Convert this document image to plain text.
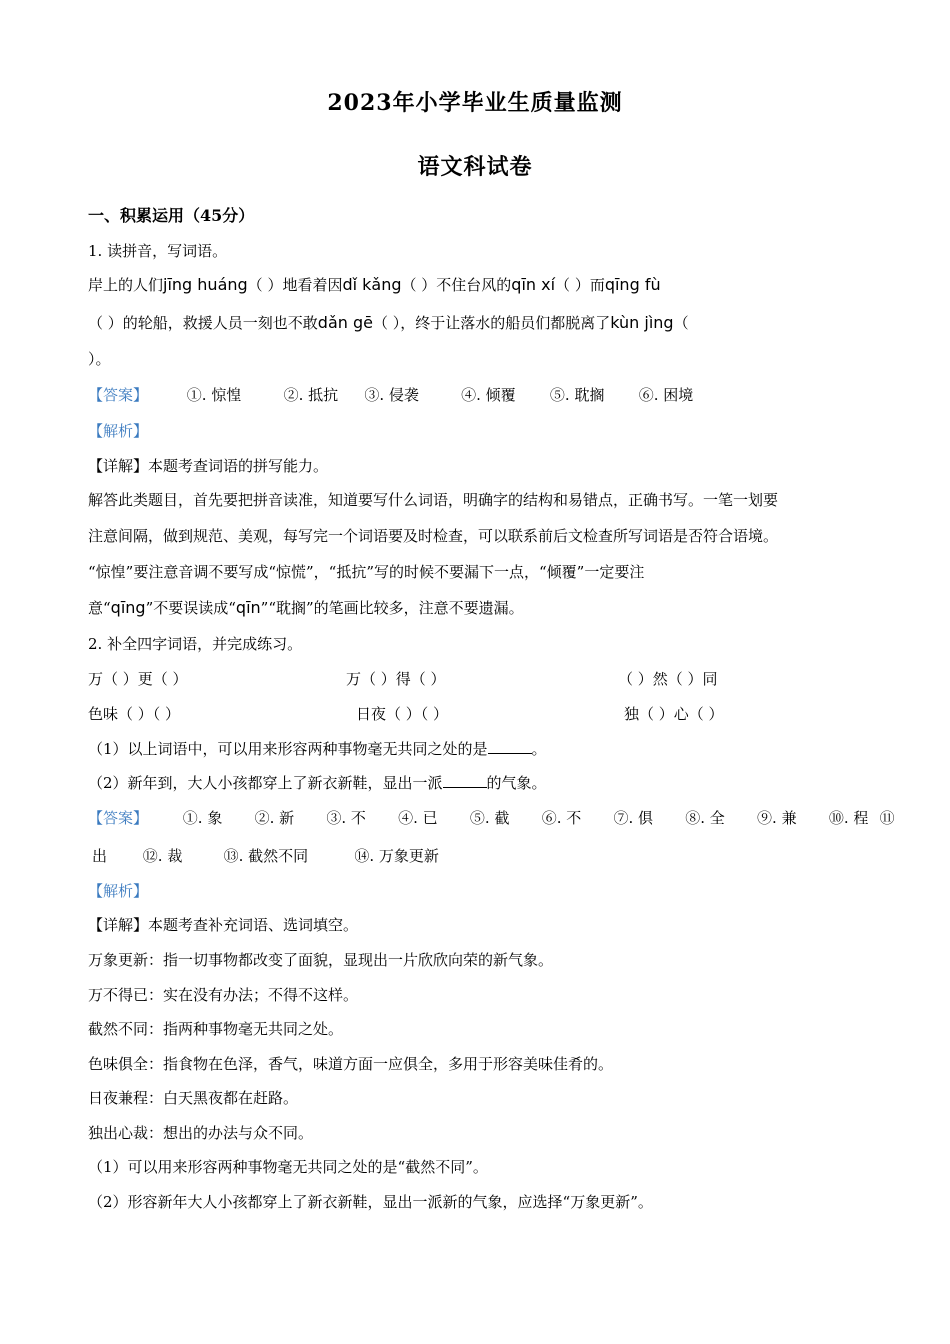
2023年小学毕业生质量监测
语文科试卷
一、积累运用（45分）
1. 读拼音，写词语。
岸上的人们jīng huáng（ ）地看着因dǐ kǎng（ ）不住台风的qīn xí（ ）而qīng fù
（ ）的轮船，救援人员一刻也不敢dǎn gē（ ），终于让落水的船员们都脱离了kùn jìng（
）。
【答案】	①. 惊惶	②. 抵抗 ③. 侵袭	④. 倾覆 ⑤. 耽搁 ⑥. 困境
【解析】
【详解】本题考查词语的拼写能力。
解答此类题目，首先要把拼音读准，知道要写什么词语，明确字的结构和易错点，正确书写。一笔一划要
注意间隔，做到规范、美观，每写完一个词语要及时检查，可以联系前后文检查所写词语是否符合语境。
“惊惶”要注意音调不要写成“惊慌”，“抵抗”写的时候不要漏下一点，“倾覆”一定要注
意“qīng”不要误读成“qīn”“耽搁”的笔画比较多，注意不要遗漏。
2. 补全四字词语，并完成练习。
万（ ）更（ ）	万（ ）得（ ）	（ ）然（ ）同
色味（ ）（ ）	日夜（ ）（ ）	独（ ）心（ ）
（1）以上词语中，可以用来形容两种事物毫无共同之处的是	。
（2）新年到，大人小孩都穿上了新衣新鞋，显出一派	的气象。
【答案】 ①. 象 ②. 新 ③. 不 ④. 已 ⑤. 截 ⑥. 不 ⑦. 俱 ⑧. 全 ⑨. 兼 ⑩. 程 ⑪
出 ⑫. 裁	⑬. 截然不同	⑭. 万象更新
【解析】
【详解】本题考查补充词语、选词填空。
万象更新：指一切事物都改变了面貌，显现出一片欣欣向荣的新气象。
万不得已：实在没有办法；不得不这样。
截然不同：指两种事物毫无共同之处。
色味俱全：指食物在色泽，香气，味道方面一应俱全，多用于形容美味佳肴的。
日夜兼程：白天黑夜都在赶路。
独出心裁：想出的办法与众不同。
（1）可以用来形容两种事物毫无共同之处的是“截然不同”。
（2）形容新年大人小孩都穿上了新衣新鞋，显出一派新的气象，应选择“万象更新”。
